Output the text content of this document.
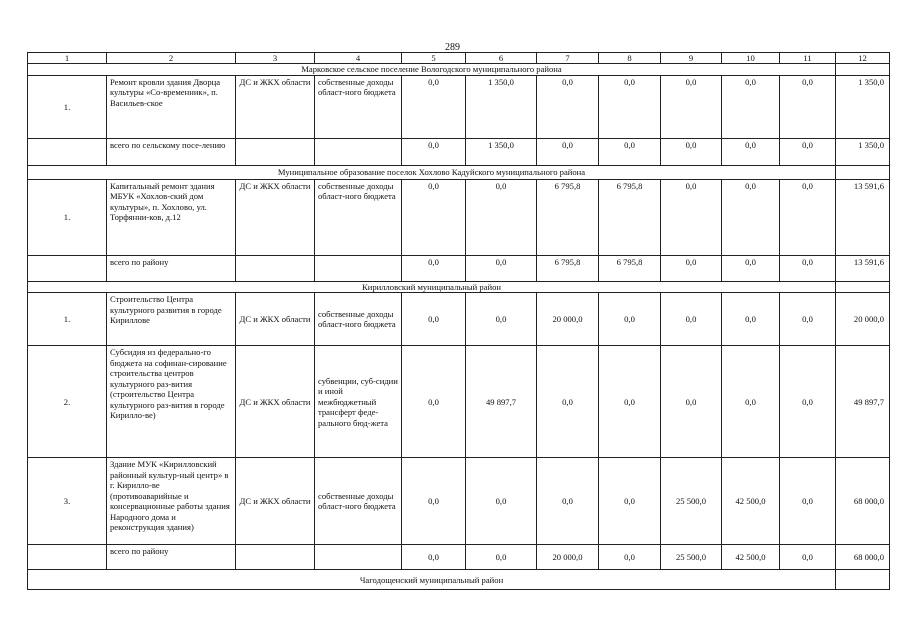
289
1	2	3	4	5	6	7	8	9	10	11	12
Марковское сельское поселение Вологодского муниципального района											
1.	Ремонт кровли здания Дворца культуры «Со-временник», п. Васильев-ское	ДС и ЖКХ области	собственные доходы област-ного бюджета	0,0	1 350,0	0,0	0,0	0,0	0,0	0,0	1 350,0
	всего по сельскому посе-лению			0,0	1 350,0	0,0	0,0	0,0	0,0	0,0	1 350,0
Муниципальное образование поселок Хохлово Кадуйского муниципального района											
1.	Капитальный ремонт здания МБУК «Хохлов-ский дом культуры», п. Хохлово, ул. Торфянни-ков, д.12	ДС и ЖКХ области	собственные доходы област-ного бюджета	0,0	0,0	6 795,8	6 795,8	0,0	0,0	0,0	13 591,6
	всего по району			0,0	0,0	6 795,8	6 795,8	0,0	0,0	0,0	13 591,6
Кирилловский муниципальный район											
1.	Строительство Центра культурного развития в городе Кириллове	ДС и ЖКХ области	собственные доходы област-ного бюджета	0,0	0,0	20 000,0	0,0	0,0	0,0	0,0	20 000,0
2.	Субсидия из федерально-го бюджета на софинан-сирование строительства центров культурного раз-вития (строительство Центра культурного раз-вития в городе Кирилло-ве)	ДС и ЖКХ области	субвенции, суб-сидии и иной межбюджетный трансферт феде-рального бюд-жета	0,0	49 897,7	0,0	0,0	0,0	0,0	0,0	49 897,7
3.	Здание МУК «Кирилловский районный культур-ный центр» в г. Кирилло-ве (противоаварийные и консервационные работы здания Народного дома и реконструкция здания)	ДС и ЖКХ области	собственные доходы област-ного бюджета	0,0	0,0	0,0	0,0	25 500,0	42 500,0	0,0	68 000,0
	всего по району			0,0	0,0	20 000,0	0,0	25 500,0	42 500,0	0,0	68 000,0
Чагодощенский муниципальный район											
